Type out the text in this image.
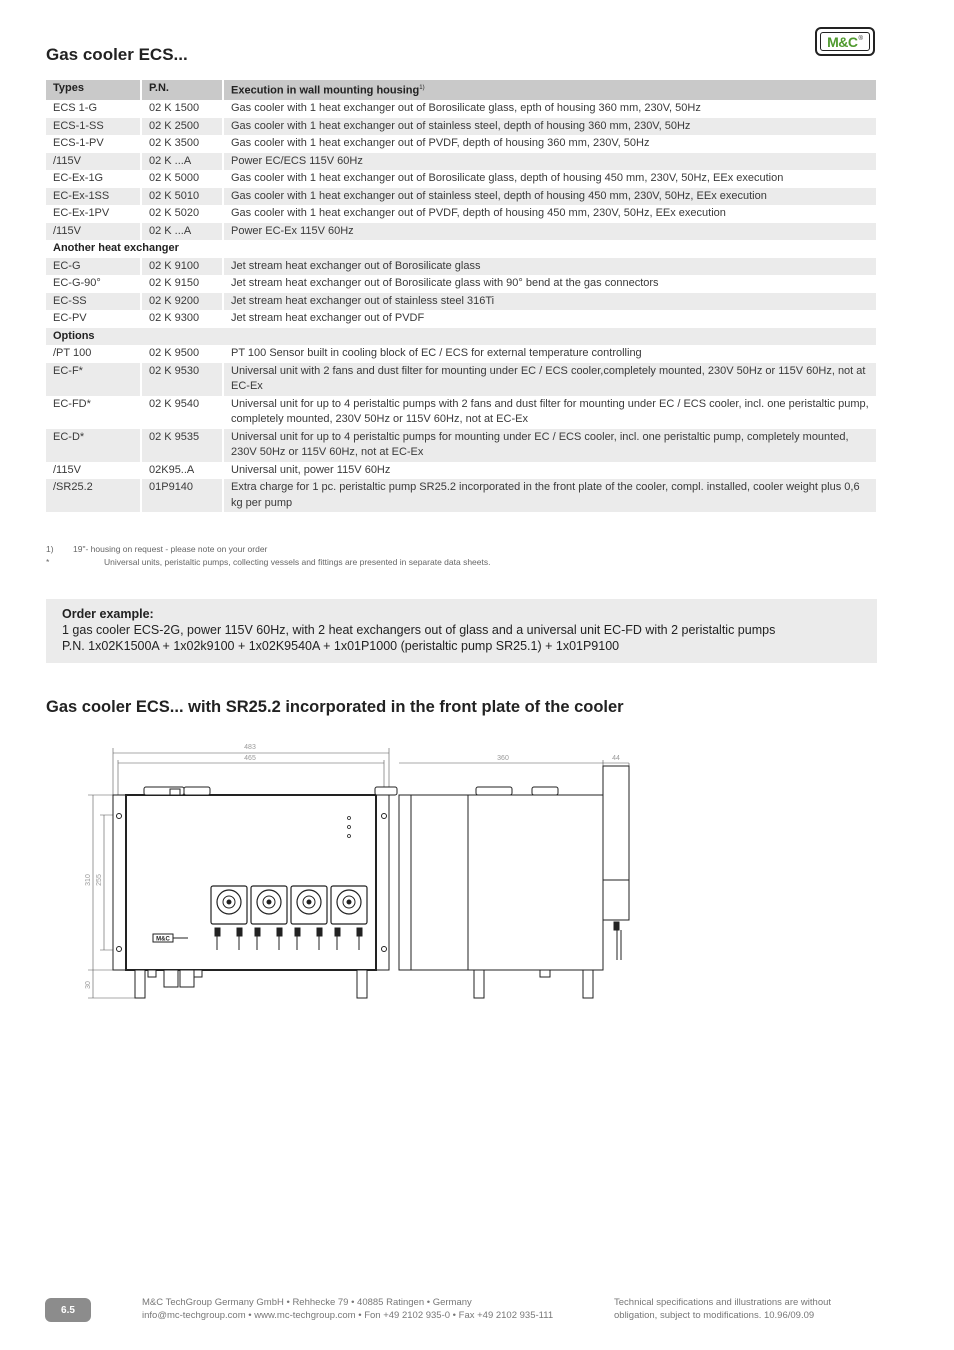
Gas cooler ECS...
M&C ®
Types	P.N.	Execution in wall mounting housing$^{1)}$
ECS 1-G	02 K 1500	Gas cooler with 1 heat exchanger out of Borosilicate glass, epth of housing 360 mm, 230V, 50Hz
ECS-1-SS	02 K 2500	Gas cooler with 1 heat exchanger out of stainless steel, depth of housing 360 mm, 230V, 50Hz
ECS-1-PV	02 K 3500	Gas cooler with 1 heat exchanger out of PVDF, depth of housing 360 mm, 230V, 50Hz
/115V	02 K ...A	Power EC/ECS 115V 60Hz
EC-Ex-1G	02 K 5000	Gas cooler with 1 heat exchanger out of Borosilicate glass, depth of housing 450 mm, 230V, 50Hz, EEx execution
EC-Ex-1SS	02 K 5010	Gas cooler with 1 heat exchanger out of stainless steel, depth of housing 450 mm, 230V, 50Hz, EEx execution
EC-Ex-1PV	02 K 5020	Gas cooler with 1 heat exchanger out of PVDF, depth of housing 450 mm, 230V, 50Hz, EEx execution
/115V	02 K ...A	Power EC-Ex 115V 60Hz
Another heat exchanger		
EC-G	02 K 9100	Jet stream heat exchanger out of Borosilicate glass
EC-G-90°	02 K 9150	Jet stream heat exchanger out of Borosilicate glass with 90° bend at the gas connectors
EC-SS	02 K 9200	Jet stream heat exchanger out of stainless steel 316Ti
EC-PV	02 K 9300	Jet stream heat exchanger out of PVDF
Options		
/PT 100	02 K 9500	PT 100 Sensor built in cooling block of EC / ECS for external temperature controlling
EC-F*	02 K 9530	Universal unit with 2 fans and dust filter for mounting under EC / ECS cooler,completely mounted, 230V 50Hz or 115V 60Hz, not at EC-Ex
EC-FD*	02 K 9540	Universal unit for up to 4 peristaltic pumps with 2 fans and dust filter for mounting under EC / ECS cooler, incl. one peristaltic pump, completely mounted, 230V 50Hz or 115V 60Hz, not at EC-Ex
EC-D*	02 K 9535	Universal unit for up to 4 peristaltic pumps for mounting under EC / ECS cooler, incl. one peristaltic pump, completely mounted, 230V 50Hz or 115V 60Hz, not at EC-Ex
/115V	02K95..A	Universal unit, power 115V 60Hz
/SR25.2	01P9140	Extra charge for 1 pc. peristaltic pump SR25.2 incorporated in the front plate of the cooler, compl. installed, cooler weight plus 0,6 kg per pump
1)	19"- housing on request - please note on your order
*	Universal units, peristaltic pumps, collecting vessels and fittings are presented in separate data sheets.
Order example:
1 gas cooler ECS-2G, power 115V 60Hz, with 2 heat exchangers out of glass and a universal unit EC-FD with 2 peristaltic pumps
P.N. 1x02K1500A + 1x02k9100 + 1x02K9540A + 1x01P1000 (peristaltic pump SR25.1) + 1x01P9100
Gas cooler ECS... with SR25.2 incorporated in the front plate of the cooler
483
465	360	44
310 255
30
M&C
6.5
M&C TechGroup Germany GmbH • Rehhecke 79 • 40885 Ratingen • Germany
info@mc-techgroup.com • www.mc-techgroup.com • Fon +49 2102 935-0 • Fax +49 2102 935-111
Technical specifications and illustrations are without
obligation, subject to modifications. 10.96/09.09
